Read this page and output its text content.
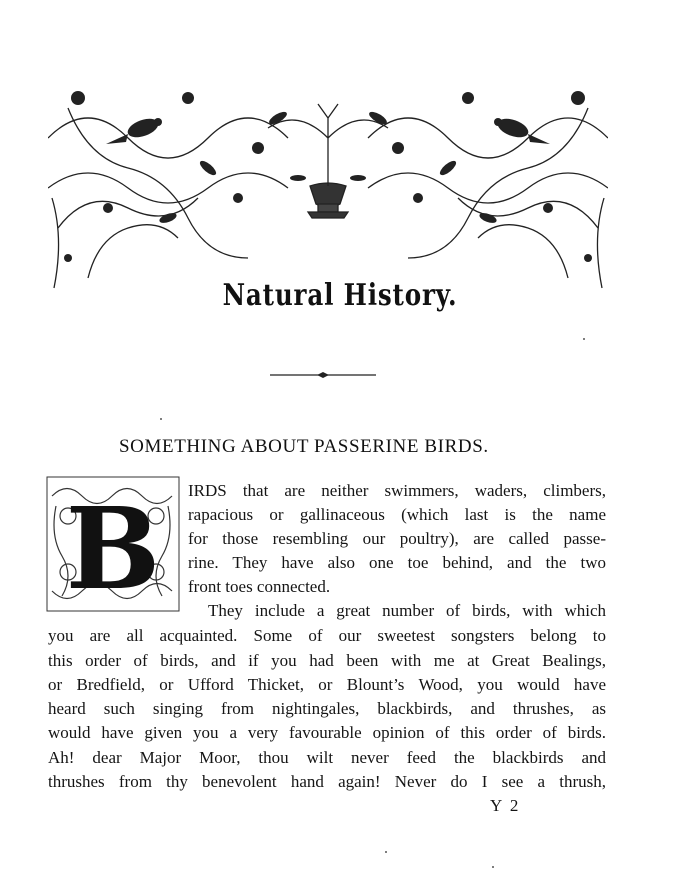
Natural History.
SOMETHING ABOUT PASSERINE BIRDS.
B IRDS that are neither swimmers, waders, climbers,
rapacious or gallinaceous (which last is the name
for those resembling our poultry), are called passe-
rine. They have also one toe behind, and the two
front toes connected.
They include a great number of birds, with which
you are all acquainted. Some of our sweetest songsters belong to
this order of birds, and if you had been with me at Great Bealings,
or Bredfield, or Ufford Thicket, or Blount’s Wood, you would have
heard such singing from nightingales, blackbirds, and thrushes, as
would have given you a very favourable opinion of this order of birds.
Ah! dear Major Moor, thou wilt never feed the blackbirds and
thrushes from thy benevolent hand again! Never do I see a thrush,
Y 2
